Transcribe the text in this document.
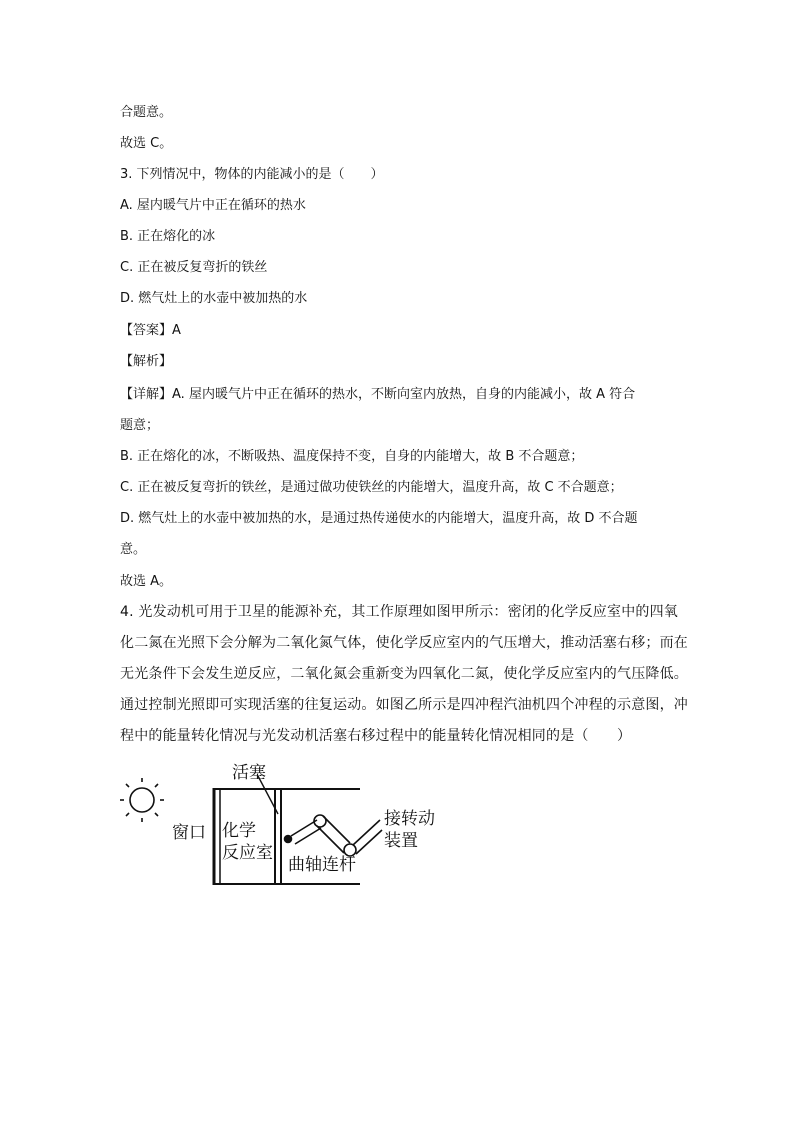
合题意。
故选 C。
3. 下列情况中，物体的内能减小的是（　　）
A. 屋内暖气片中正在循环的热水
B. 正在熔化的冰
C. 正在被反复弯折的铁丝
D. 燃气灶上的水壶中被加热的水
【答案】A
【解析】
【详解】A. 屋内暖气片中正在循环的热水，不断向室内放热，自身的内能减小，故 A 符合
题意；
B. 正在熔化的冰，不断吸热、温度保持不变，自身的内能增大，故 B 不合题意；
C. 正在被反复弯折的铁丝，是通过做功使铁丝的内能增大，温度升高，故 C 不合题意；
D. 燃气灶上的水壶中被加热的水，是通过热传递使水的内能增大，温度升高，故 D 不合题
意。
故选 A。
4. 光发动机可用于卫星的能源补充，其工作原理如图甲所示：密闭的化学反应室中的四氧
化二氮在光照下会分解为二氧化氮气体，使化学反应室内的气压增大，推动活塞右移；而在
无光条件下会发生逆反应，二氧化氮会重新变为四氧化二氮，使化学反应室内的气压降低。
通过控制光照即可实现活塞的往复运动。如图乙所示是四冲程汽油机四个冲程的示意图，冲
程中的能量转化情况与光发动机活塞右移过程中的能量转化情况相同的是（　　）
活塞
窗口 化学
反应室
曲轴连杆
接转动
装置
